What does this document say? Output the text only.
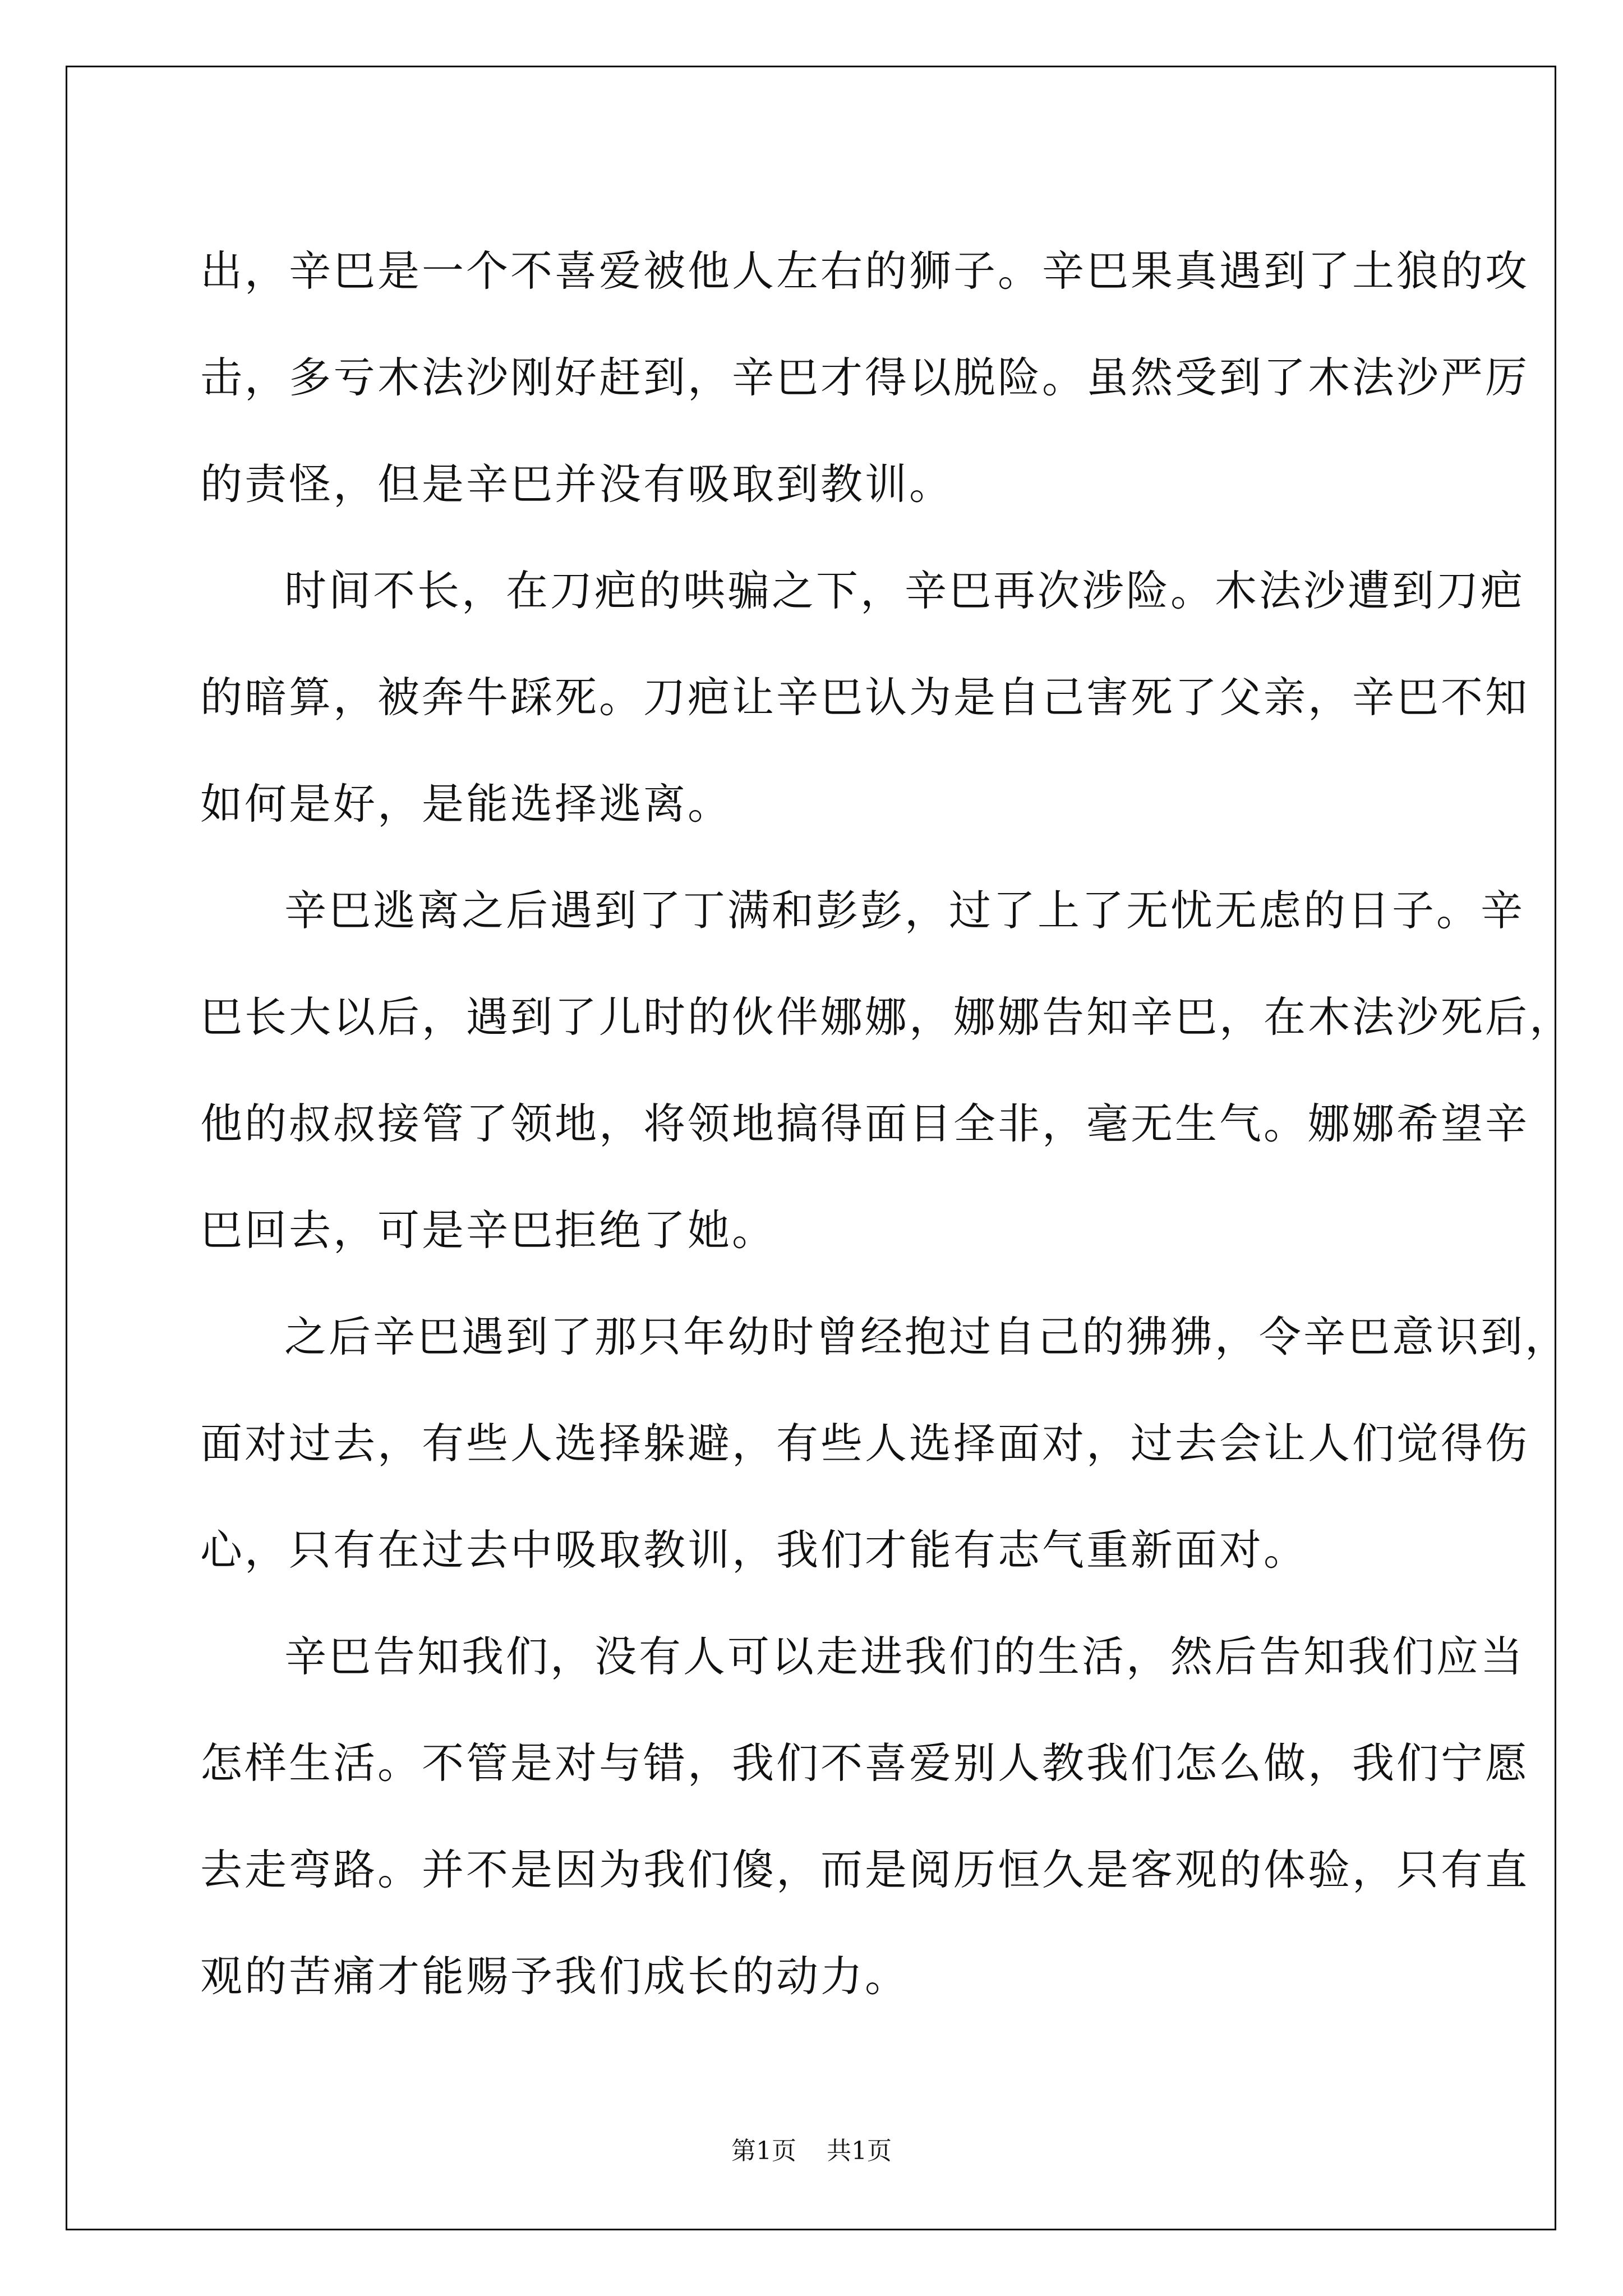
出，辛巴是一个不喜爱被他人左右的狮子。辛巴果真遇到了土狼的攻
击，多亏木法沙刚好赶到，辛巴才得以脱险。虽然受到了木法沙严厉
的责怪，但是辛巴并没有吸取到教训。
时间不长，在刀疤的哄骗之下，辛巴再次涉险。木法沙遭到刀疤
的暗算，被奔牛踩死。刀疤让辛巴认为是自己害死了父亲，辛巴不知
如何是好，是能选择逃离。
辛巴逃离之后遇到了丁满和彭彭，过了上了无忧无虑的日子。辛
巴长大以后，遇到了儿时的伙伴娜娜，娜娜告知辛巴，在木法沙死后，
他的叔叔接管了领地，将领地搞得面目全非，毫无生气。娜娜希望辛
巴回去，可是辛巴拒绝了她。
之后辛巴遇到了那只年幼时曾经抱过自己的狒狒，令辛巴意识到，
面对过去，有些人选择躲避，有些人选择面对，过去会让人们觉得伤
心，只有在过去中吸取教训，我们才能有志气重新面对。
辛巴告知我们，没有人可以走进我们的生活，然后告知我们应当
怎样生活。不管是对与错，我们不喜爱别人教我们怎么做，我们宁愿
去走弯路。并不是因为我们傻，而是阅历恒久是客观的体验，只有直
观的苦痛才能赐予我们成长的动力。
第1页 共1页
